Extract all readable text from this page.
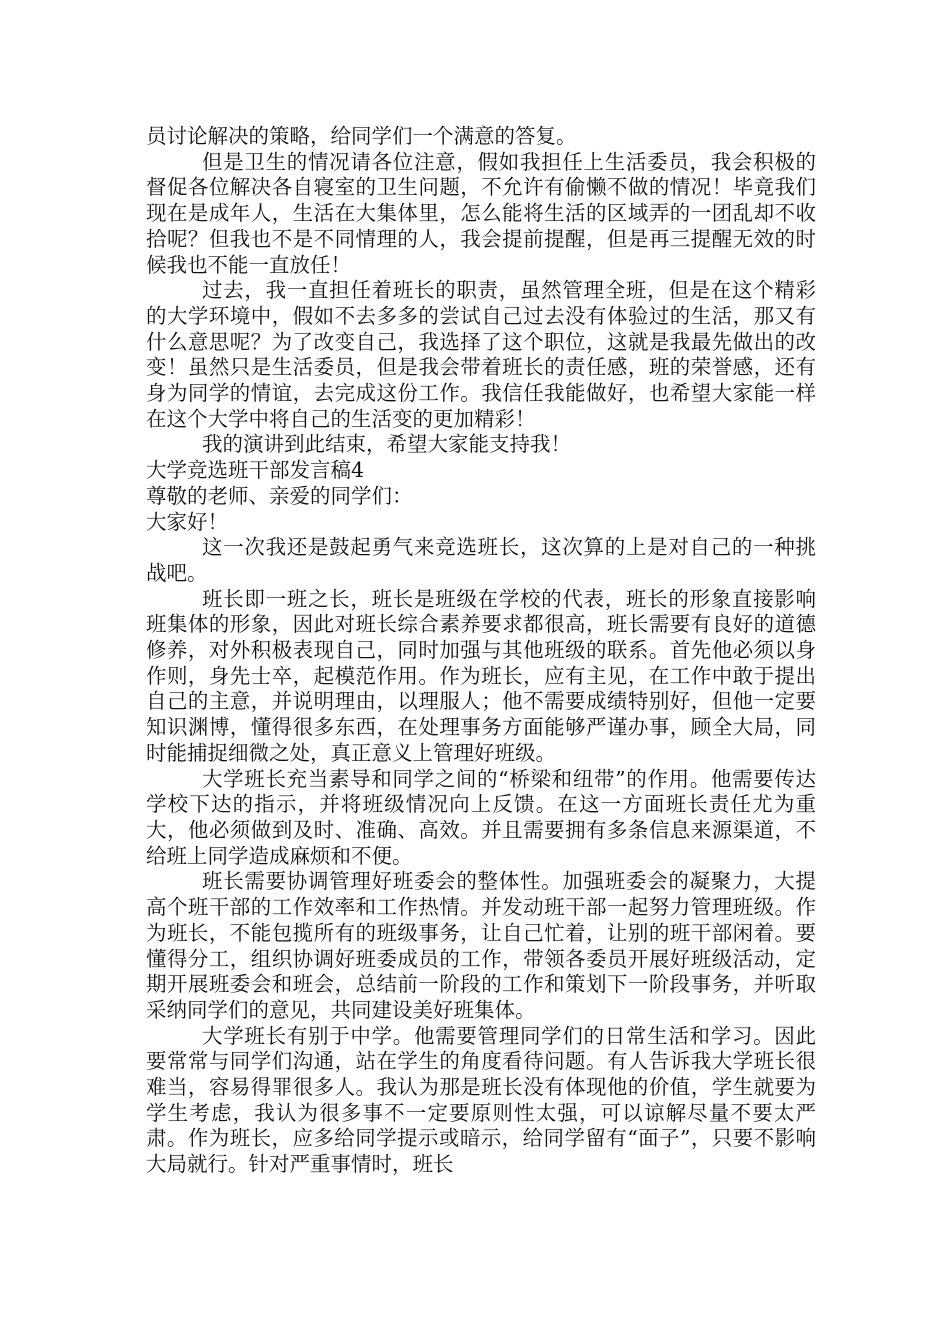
员讨论解决的策略，给同学们一个满意的答复。

但是卫生的情况请各位注意，假如我担任上生活委员，我会积极的督促各位解决各自寝室的卫生问题，不允许有偷懒不做的情况！毕竟我们现在是成年人，生活在大集体里，怎么能将生活的区域弄的一团乱却不收拾呢？但我也不是不同情理的人，我会提前提醒，但是再三提醒无效的时候我也不能一直放任！

过去，我一直担任着班长的职责，虽然管理全班，但是在这个精彩的大学环境中，假如不去多多的尝试自己过去没有体验过的生活，那又有什么意思呢？为了改变自己，我选择了这个职位，这就是我最先做出的改变！虽然只是生活委员，但是我会带着班长的责任感，班的荣誉感，还有身为同学的情谊，去完成这份工作。我信任我能做好，也希望大家能一样在这个大学中将自己的生活变的更加精彩！

我的演讲到此结束，希望大家能支持我！

大学竞选班干部发言稿4

尊敬的老师、亲爱的同学们：

大家好！

这一次我还是鼓起勇气来竞选班长，这次算的上是对自己的一种挑战吧。

班长即一班之长，班长是班级在学校的代表，班长的形象直接影响班集体的形象，因此对班长综合素养要求都很高，班长需要有良好的道德修养，对外积极表现自己，同时加强与其他班级的联系。首先他必须以身作则，身先士卒，起模范作用。作为班长，应有主见，在工作中敢于提出自己的主意，并说明理由，以理服人；他不需要成绩特别好，但他一定要知识渊博，懂得很多东西，在处理事务方面能够严谨办事，顾全大局，同时能捕捉细微之处，真正意义上管理好班级。

大学班长充当素导和同学之间的“桥梁和纽带”的作用。他需要传达学校下达的指示，并将班级情况向上反馈。在这一方面班长责任尤为重大，他必须做到及时、准确、高效。并且需要拥有多条信息来源渠道，不给班上同学造成麻烦和不便。

班长需要协调管理好班委会的整体性。加强班委会的凝聚力，大提高个班干部的工作效率和工作热情。并发动班干部一起努力管理班级。作为班长，不能包揽所有的班级事务，让自己忙着，让别的班干部闲着。要懂得分工，组织协调好班委成员的工作，带领各委员开展好班级活动，定期开展班委会和班会，总结前一阶段的工作和策划下一阶段事务，并听取采纳同学们的意见，共同建设美好班集体。

大学班长有别于中学。他需要管理同学们的日常生活和学习。因此要常常与同学们沟通，站在学生的角度看待问题。有人告诉我大学班长很难当，容易得罪很多人。我认为那是班长没有体现他的价值，学生就要为学生考虑，我认为很多事不一定要原则性太强，可以谅解尽量不要太严肃。作为班长，应多给同学提示或暗示，给同学留有“面子”，只要不影响大局就行。针对严重事情时，班长
